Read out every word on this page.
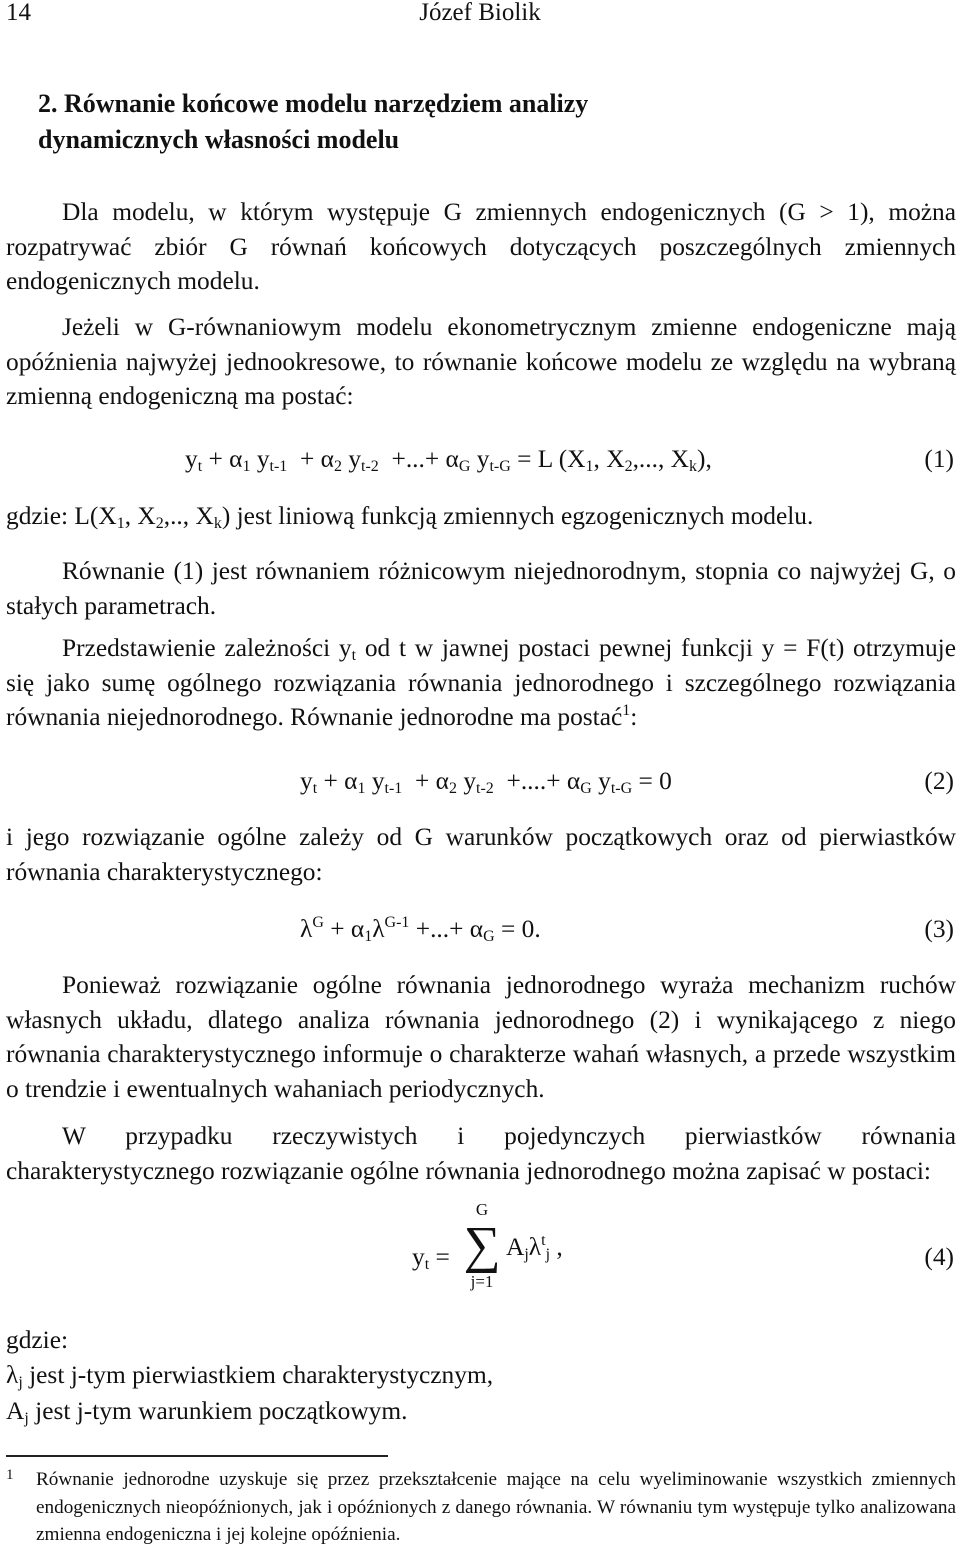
14	Józef Biolik
2. Równanie końcowe modelu narzędziem analizy
dynamicznych własności modelu

Dla modelu, w którym występuje G zmiennych endogenicznych (G > 1), można rozpatrywać zbiór G równań końcowych dotyczących poszczególnych zmiennych endogenicznych modelu.

Jeżeli w G-równaniowym modelu ekonometrycznym zmienne endogeniczne mają opóźnienia najwyżej jednookresowe, to równanie końcowe modelu ze względu na wybraną zmienną endogeniczną ma postać:

$y_t + \alpha_1$ $y_{t-1} + \alpha_2$ $y_{t-2}$  +...+ $\alpha_G$ $y_{t-G} = L$ ($X_1$, $X_2$,..., $X_k$),	(1)
gdzie: $L(X_1$, $X_2$,.., $X_k$) jest liniową funkcją zmiennych egzogenicznych modelu.

Równanie (1) jest równaniem różnicowym niejednorodnym, stopnia co najwyżej G, o stałych parametrach.

Przedstawienie zależności $y_t$ od t w jawnej postaci pewnej funkcji y = F(t) otrzymuje się jako sumę ogólnego rozwiązania równania jednorodnego i szczególnego rozwiązania równania niejednorodnego. Równanie jednorodne ma postać$^1$:

$y_t + \alpha_1$ $y_{t-1} + \alpha_2$ $y_{t-2}$  +....+ $\alpha_G$ $y_{t-G} = 0$	(2)

i jego rozwiązanie ogólne zależy od G warunków początkowych oraz od pierwiastków równania charakterystycznego:

$\lambda^G + \alpha_1\lambda^{G-1}$ +...+ $\alpha_G = 0$.	(3)

Ponieważ rozwiązanie ogólne równania jednorodnego wyraża mechanizm ruchów własnych układu, dlatego analiza równania jednorodnego (2) i wynikającego z niego równania charakterystycznego informuje o charakterze wahań własnych, a przede wszystkim o trendzie i ewentualnych wahaniach periodycznych.

W przypadku rzeczywistych i pojedynczych pierwiastków równania charakterystycznego rozwiązanie ogólne równania jednorodnego można zapisać w postaci:

$y_t$ =
G
∑
j=1
$A_j\lambda^t_j$ ,	(4)
gdzie:
$\lambda_j$ jest j-tym pierwiastkiem charakterystycznym,
$A_j$ jest j-tym warunkiem początkowym.
1 Równanie jednorodne uzyskuje się przez przekształcenie mające na celu wyeliminowanie wszystkich zmiennych endogenicznych nieopóźnionych, jak i opóźnionych z danego równania. W równaniu tym występuje tylko analizowana zmienna endogeniczna i jej kolejne opóźnienia.
